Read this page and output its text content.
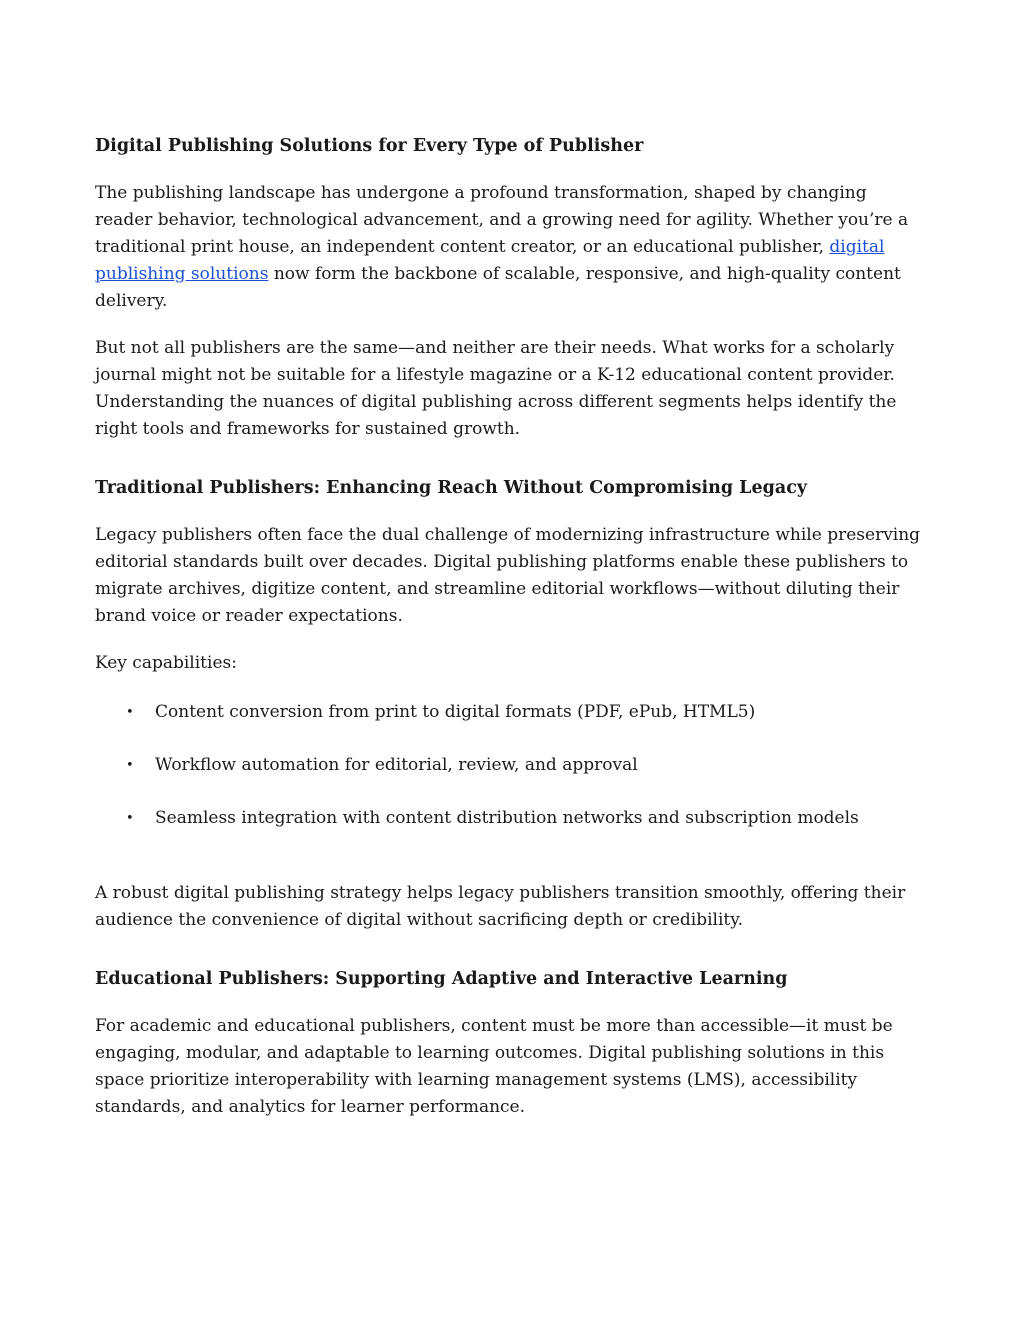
Digital Publishing Solutions for Every Type of Publisher

The publishing landscape has undergone a profound transformation, shaped by changing reader behavior, technological advancement, and a growing need for agility. Whether you’re a traditional print house, an independent content creator, or an educational publisher, digital publishing solutions now form the backbone of scalable, responsive, and high-quality content delivery.

But not all publishers are the same—and neither are their needs. What works for a scholarly journal might not be suitable for a lifestyle magazine or a K-12 educational content provider. Understanding the nuances of digital publishing across different segments helps identify the right tools and frameworks for sustained growth.

Traditional Publishers: Enhancing Reach Without Compromising Legacy

Legacy publishers often face the dual challenge of modernizing infrastructure while preserving editorial standards built over decades. Digital publishing platforms enable these publishers to migrate archives, digitize content, and streamline editorial workflows—without diluting their brand voice or reader expectations.

Key capabilities:

• Content conversion from print to digital formats (PDF, ePub, HTML5)
• Workflow automation for editorial, review, and approval
• Seamless integration with content distribution networks and subscription models

A robust digital publishing strategy helps legacy publishers transition smoothly, offering their audience the convenience of digital without sacrificing depth or credibility.

Educational Publishers: Supporting Adaptive and Interactive Learning

For academic and educational publishers, content must be more than accessible—it must be engaging, modular, and adaptable to learning outcomes. Digital publishing solutions in this space prioritize interoperability with learning management systems (LMS), accessibility standards, and analytics for learner performance.
